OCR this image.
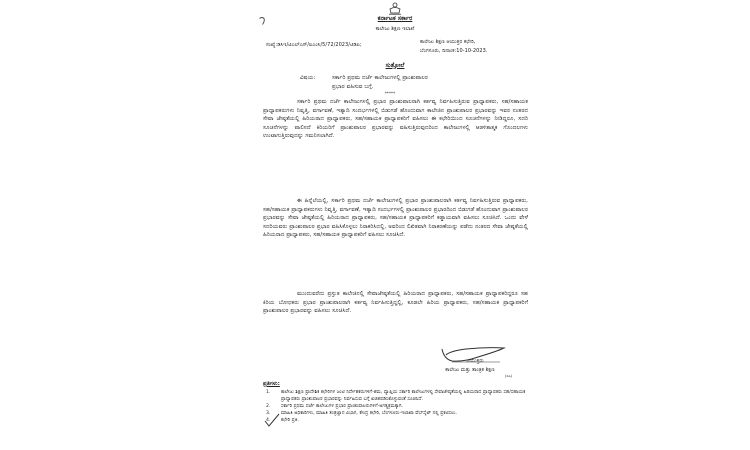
ಕರ್ನಾಟಕ ಸರ್ಕಾರ
ಕಾಲೇಜು ಶಿಕ್ಷಣ ಇಲಾಖೆ
ಸಂಖ್ಯೆ:ಡಿಸಿಇ/ಟಿಎಲ್‌ಎಸ್/ಐಎಂಸಿ/5/72/2023/ಟಿಡಿಪಿ;	ಕಾಲೇಜು ಶಿಕ್ಷಣ ಆಯುಕ್ತರ ಕಛೇರಿ,
ಬೆಂಗಳೂರು, ದಿನಾಂಕ:10-10-2023.
ಸುತ್ತೋಲೆ
ವಿಷಯ:	ಸರ್ಕಾರಿ ಪ್ರಥಮ ದರ್ಜೆ ಕಾಲೇಜುಗಳಲ್ಲಿ ಪ್ರಾಂಶುಪಾಲರ
ಪ್ರಭಾರ ವಹಿಸುವ ಬಗ್ಗೆ.
*****
ಸರ್ಕಾರಿ ಪ್ರಥಮ ದರ್ಜೆ ಕಾಲೇಜುಗಳಲ್ಲಿ ಪ್ರಭಾರ ಪ್ರಾಂಶುಪಾಲರಾಗಿ ಕರ್ತವ್ಯ ನಿರ್ವಹಿಸುತ್ತಿರುವ ಪ್ರಾಧ್ಯಾಪಕರು, ಸಹ/ಸಹಾಯಕ ಪ್ರಾಧ್ಯಾಪಕರುಗಳು ನಿವೃತ್ತಿ, ವರ್ಗಾವಣೆ, ಇತ್ಯಾದಿ ಸಂದರ್ಭಗಳಲ್ಲಿ ಬಿಡುಗಡೆ ಹೊಂದುವಾಗ ಕಾಲೇಜಿನ ಪ್ರಾಂಶುಪಾಲರ ಪ್ರಭಾರವನ್ನು ಇವರ ನಂತರದ ಸೇವಾ ಜೇಷ್ಠತೆಯಲ್ಲಿ ಹಿರಿಯರಾದ ಪ್ರಾಧ್ಯಾಪಕರು, ಸಹ/ಸಹಾಯಕ ಪ್ರಾಧ್ಯಾಪಕರಿಗೆ ವಹಿಸಲು ಈ ಕಛೇರಿಯಿಂದ ಸೂಚನೆಗಳನ್ನು ನೀಡಿದ್ದರೂ, ಸದರಿ ಸೂಚನೆಗಳನ್ನು ಪಾಲಿಸದೆ ಕಿರಿಯರಿಗೆ ಪ್ರಾಂಶುಪಾಲರ ಪ್ರಭಾರವನ್ನು ವಹಿಸುತ್ತಿರುವುದರಿಂದ ಕಾಲೇಜುಗಳಲ್ಲಿ ಆಡಳಿತಾತ್ಮಕ ಗೊಂದಲಗಳು ಉಂಟಾಗುತ್ತಿರುವುದನ್ನು ಗಮನಿಸಲಾಗಿದೆ.
ಈ ಹಿನ್ನೆಲೆಯಲ್ಲಿ, ಸರ್ಕಾರಿ ಪ್ರಥಮ ದರ್ಜೆ ಕಾಲೇಜುಗಳಲ್ಲಿ ಪ್ರಭಾರ ಪ್ರಾಂಶುಪಾಲರಾಗಿ ಕರ್ತವ್ಯ ನಿರ್ವಹಿಸುತ್ತಿರುವ ಪ್ರಾಧ್ಯಾಪಕರು, ಸಹ/ಸಹಾಯಕ ಪ್ರಾಧ್ಯಾಪಕರುಗಳು ನಿವೃತ್ತಿ, ವರ್ಗಾವಣೆ, ಇತ್ಯಾದಿ ಸಂದರ್ಭಗಳಲ್ಲಿ ಪ್ರಾಂಶುಪಾಲರ ಪ್ರಭಾರದಿಂದ ಬಿಡುಗಡೆ ಹೊಂದುವಾಗ ಪ್ರಾಂಶುಪಾಲರ ಪ್ರಭಾರವನ್ನು ಸೇವಾ ಜೇಷ್ಠತೆಯಲ್ಲಿ ಹಿರಿಯರಾದ ಪ್ರಾಧ್ಯಾಪಕರು, ಸಹ/ಸಹಾಯಕ ಪ್ರಾಧ್ಯಾಪಕರಿಗೆ ಕಡ್ಡಾಯವಾಗಿ ವಹಿಸಲು ಸೂಚಿಸಿದೆ. ಒಂದು ವೇಳೆ ಸದರಿಯವರು ಪ್ರಾಂಶುಪಾಲರ ಪ್ರಭಾರ ವಹಿಸಿಕೊಳ್ಳಲು ನಿರಾಕರಿಸಿದಲ್ಲಿ, ಅವರಿಂದ ಲಿಖಿತವಾಗಿ ನಿರಾಕರಣೆಯನ್ನು ಪಡೆದು ನಂತರದ ಸೇವಾ ಜೇಷ್ಠತೆಯಲ್ಲಿ ಹಿರಿಯರಾದ ಪ್ರಾಧ್ಯಾಪಕರು, ಸಹ/ಸಹಾಯಕ ಪ್ರಾಧ್ಯಾಪಕರಿಗೆ ವಹಿಸಲು ಸೂಚಿಸಿದೆ.
ಮುಂದುವರೆದು ಪ್ರಸ್ತುತ ಕಾಲೇಜಿನಲ್ಲಿ ಸೇವಾಜೇಷ್ಠತೆಯಲ್ಲಿ ಹಿರಿಯರಾದ ಪ್ರಾಧ್ಯಾಪಕರು, ಸಹ/ಸಹಾಯಕ ಪ್ರಾಧ್ಯಾಪಕರಿದ್ದರೂ ಸಹ ಕಿರಿಯ ಬೋಧಕರು ಪ್ರಭಾರ ಪ್ರಾಂಶುಪಾಲರಾಗಿ ಕರ್ತವ್ಯ ನಿರ್ವಹಿಸುತ್ತಿದ್ದಲ್ಲಿ, ಕೂಡಲೇ ಹಿರಿಯ ಪ್ರಾಧ್ಯಾಪಕರು, ಸಹ/ಸಹಾಯಕ ಪ್ರಾಧ್ಯಾಪಕರಿಗೆ ಪ್ರಾಂಶುಪಾಲರ ಪ್ರಭಾರವನ್ನು ವಹಿಸಲು ಸೂಚಿಸಿದೆ.
ಆಯುಕ್ತರು
ಕಾಲೇಜು ಮತ್ತು ತಾಂತ್ರಿಕ ಶಿಕ್ಷಣ
(ಸಹಿ)
ಪ್ರತಿಗಳು:
1. ಕಾಲೇಜು ಶಿಕ್ಷಣ ಪ್ರಾದೇಶಿಕ ಕಛೇರಿಗಳ ಜಂಟಿ ನಿರ್ದೇಶಕರುಗಳಿಗೆ-ಶಮ, ವ್ಯಾಪ್ತಿಯ ಸರ್ಕಾರಿ ಕಾಲೇಜುಗಳಲ್ಲಿ ಸೇವಾಜೇಷ್ಠತೆಯಲ್ಲಿ ಹಿರಿಯರಾದ ಪ್ರಾಧ್ಯಾಪಕರು ಸಹ/ಸಹಾಯಕ ಪ್ರಾಧ್ಯಾಪಕರು ಪ್ರಾಂಶುಪಾಲರ ಪ್ರಭಾರವನ್ನು ನಿರ್ವಹಿಸುವ ಬಗ್ಗೆ ಖಚಿತಪಡಿಸಿಕೊಳ್ಳುವಂತೆ ಸೂಚಿಸಿದೆ.
2. ಸರ್ಕಾರಿ ಪ್ರಥಮ ದರ್ಜೆ ಕಾಲೇಜುಗಳ ಪ್ರಭಾರ ಪ್ರಾಂಶುಪಾಲರುಗಳಿಗೆ-ಅಗತ್ಯಕ್ರಮಕ್ಕಾಗಿ.
3. ಮಾಹಿತಿ ಅಧಿಕಾರಿಗಳು, ಮಾಹಿತಿ ತಂತ್ರಜ್ಞಾನ ವಿಭಾಗ, ಕೇಂದ್ರ ಕಛೇರಿ, ಬೆಂಗಳೂರು-ಇಲಾಖಾ ವೆಬ್‌ಸೈಟ್ ನಲ್ಲಿ ಪ್ರಕಟಿಸಲು.
4. ಕಛೇರಿ ಪ್ರತಿ.
